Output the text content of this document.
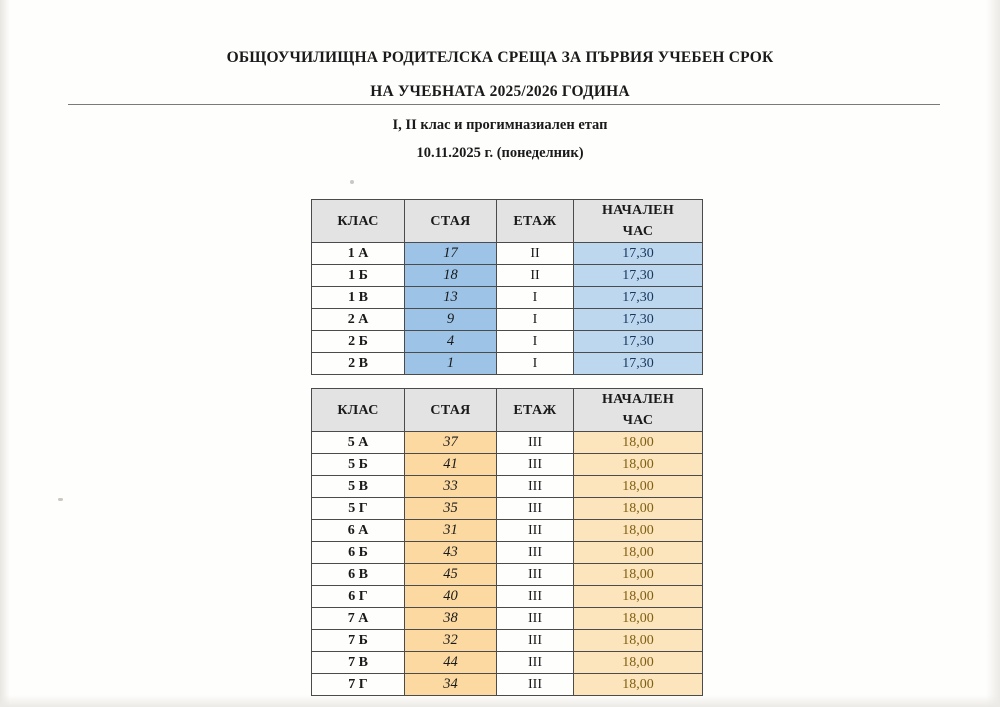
ОБЩОУЧИЛИЩНА РОДИТЕЛСКА СРЕЩА ЗА ПЪРВИЯ УЧЕБЕН СРОК
НА УЧЕБНАТА 2025/2026 ГОДИНА
I, II клас и прогимназиален етап
10.11.2025 г. (понеделник)
КЛАС	СТАЯ	ЕТАЖ	НАЧАЛЕН
ЧАС

1 А	17	II	17,30
1 Б	18	II	17,30
1 В	13	I	17,30
2 А	9	I	17,30
2 Б	4	I	17,30
2 В	1	I	17,30
КЛАС	СТАЯ	ЕТАЖ	НАЧАЛЕН
ЧАС

5 А	37	III	18,00
5 Б	41	III	18,00
5 В	33	III	18,00
5 Г	35	III	18,00
6 А	31	III	18,00
6 Б	43	III	18,00
6 В	45	III	18,00
6 Г	40	III	18,00
7 А	38	III	18,00
7 Б	32	III	18,00
7 В	44	III	18,00
7 Г	34	III	18,00
